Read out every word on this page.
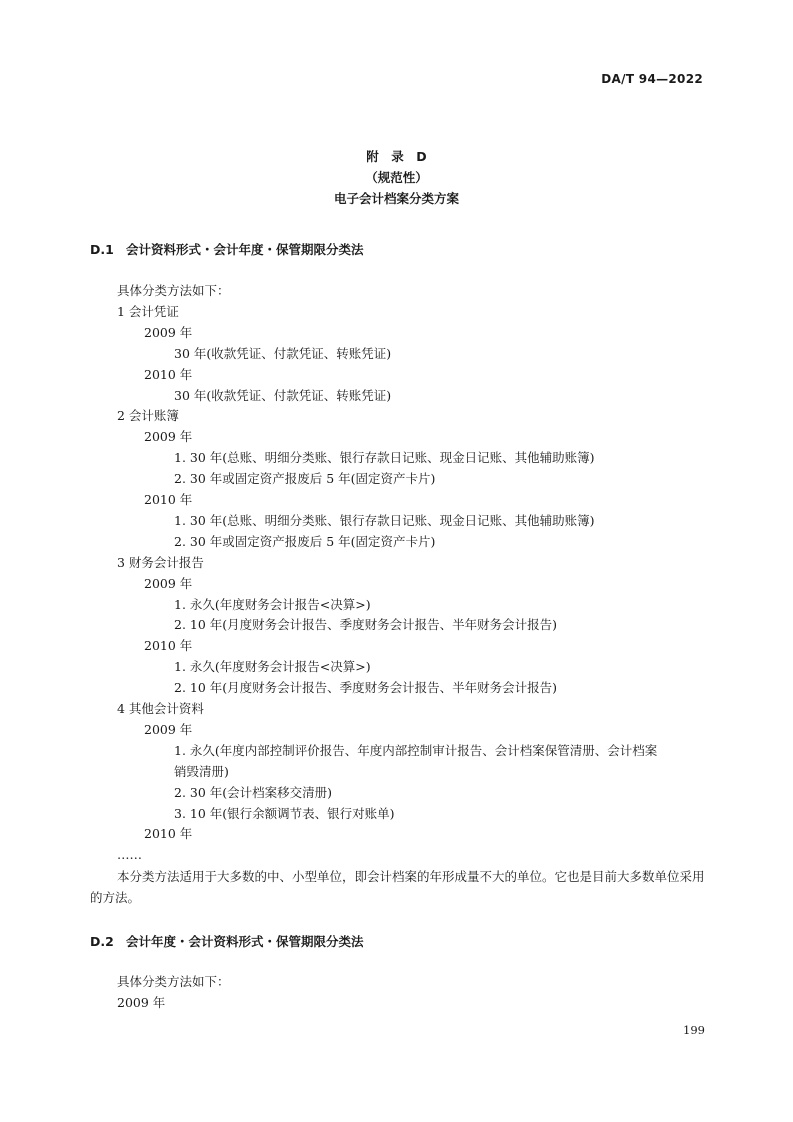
DA/T 94—2022
附　录　D
（规范性）
电子会计档案分类方案
D.1 会计资料形式・会计年度・保管期限分类法
具体分类方法如下：
1 会计凭证
2009 年
30 年(收款凭证、付款凭证、转账凭证)
2010 年
30 年(收款凭证、付款凭证、转账凭证)
2 会计账簿
2009 年
1. 30 年(总账、明细分类账、银行存款日记账、现金日记账、其他辅助账簿)
2. 30 年或固定资产报废后 5 年(固定资产卡片)
2010 年
1. 30 年(总账、明细分类账、银行存款日记账、现金日记账、其他辅助账簿)
2. 30 年或固定资产报废后 5 年(固定资产卡片)
3 财务会计报告
2009 年
1. 永久(年度财务会计报告<决算>)
2. 10 年(月度财务会计报告、季度财务会计报告、半年财务会计报告)
2010 年
1. 永久(年度财务会计报告<决算>)
2. 10 年(月度财务会计报告、季度财务会计报告、半年财务会计报告)
4 其他会计资料
2009 年
1. 永久(年度内部控制评价报告、年度内部控制审计报告、会计档案保管清册、会计档案
销毁清册)
2. 30 年(会计档案移交清册)
3. 10 年(银行余额调节表、银行对账单)
2010 年
……
本分类方法适用于大多数的中、小型单位，即会计档案的年形成量不大的单位。它也是目前大多数单位采用的方法。
D.2 会计年度・会计资料形式・保管期限分类法
具体分类方法如下：
2009 年
199
